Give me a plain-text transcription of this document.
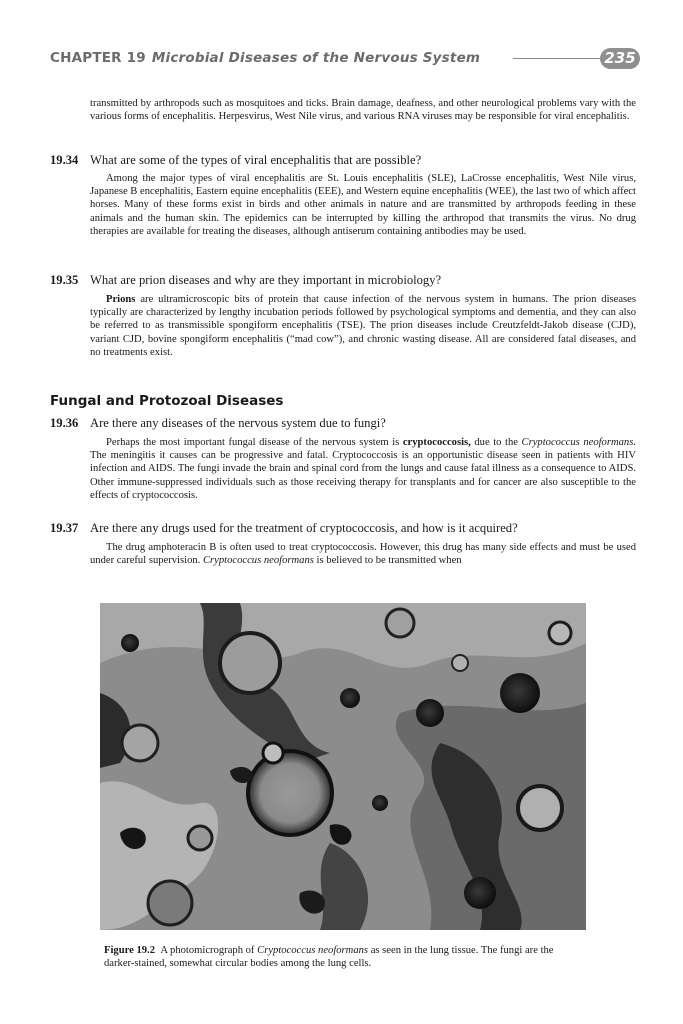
CHAPTER 19 Microbial Diseases of the Nervous System	235

transmitted by arthropods such as mosquitoes and ticks. Brain damage, deafness, and other neurological problems vary with the various forms of encephalitis. Herpesvirus, West Nile virus, and various RNA viruses may be responsible for viral encephalitis.

19.34 What are some of the types of viral encephalitis that are possible?

Among the major types of viral encephalitis are St. Louis encephalitis (SLE), LaCrosse encephalitis, West Nile virus, Japanese B encephalitis, Eastern equine encephalitis (EEE), and Western equine encephalitis (WEE), the last two of which affect horses. Many of these forms exist in birds and other animals in nature and are transmitted by arthropods feeding in these animals and the human skin. The epidemics can be interrupted by killing the arthropod that transmits the virus. No drug therapies are available for treating the diseases, although antiserum containing antibodies may be used.

19.35 What are prion diseases and why are they important in microbiology?

Prions are ultramicroscopic bits of protein that cause infection of the nervous system in humans. The prion diseases typically are characterized by lengthy incubation periods followed by psychological symptoms and dementia, and they can also be referred to as transmissible spongiform encephalitis (TSE). The prion diseases include Creutzfeldt-Jakob disease (CJD), variant CJD, bovine spongiform encephalitis (“mad cow”), and chronic wasting disease. All are considered fatal diseases, and no treatments exist.

Fungal and Protozoal Diseases
19.36 Are there any diseases of the nervous system due to fungi?

Perhaps the most important fungal disease of the nervous system is cryptococcosis, due to the Cryptococcus neoformans. The meningitis it causes can be progressive and fatal. Cryptococcosis is an opportunistic disease seen in patients with HIV infection and AIDS. The fungi invade the brain and spinal cord from the lungs and cause fatal illness as a consequence to AIDS. Other immune-suppressed individuals such as those receiving therapy for transplants and for cancer are also susceptible to the effects of cryptococcosis.

19.37 Are there any drugs used for the treatment of cryptococcosis, and how is it acquired?

The drug amphoteracin B is often used to treat cryptococcosis. However, this drug has many side effects and must be used under careful supervision. Cryptococcus neoformans is believed to be transmitted when

Figure 19.2 A photomicrograph of Cryptococcus neoformans as seen in the lung tissue. The fungi are the darker-stained, somewhat circular bodies among the lung cells.
